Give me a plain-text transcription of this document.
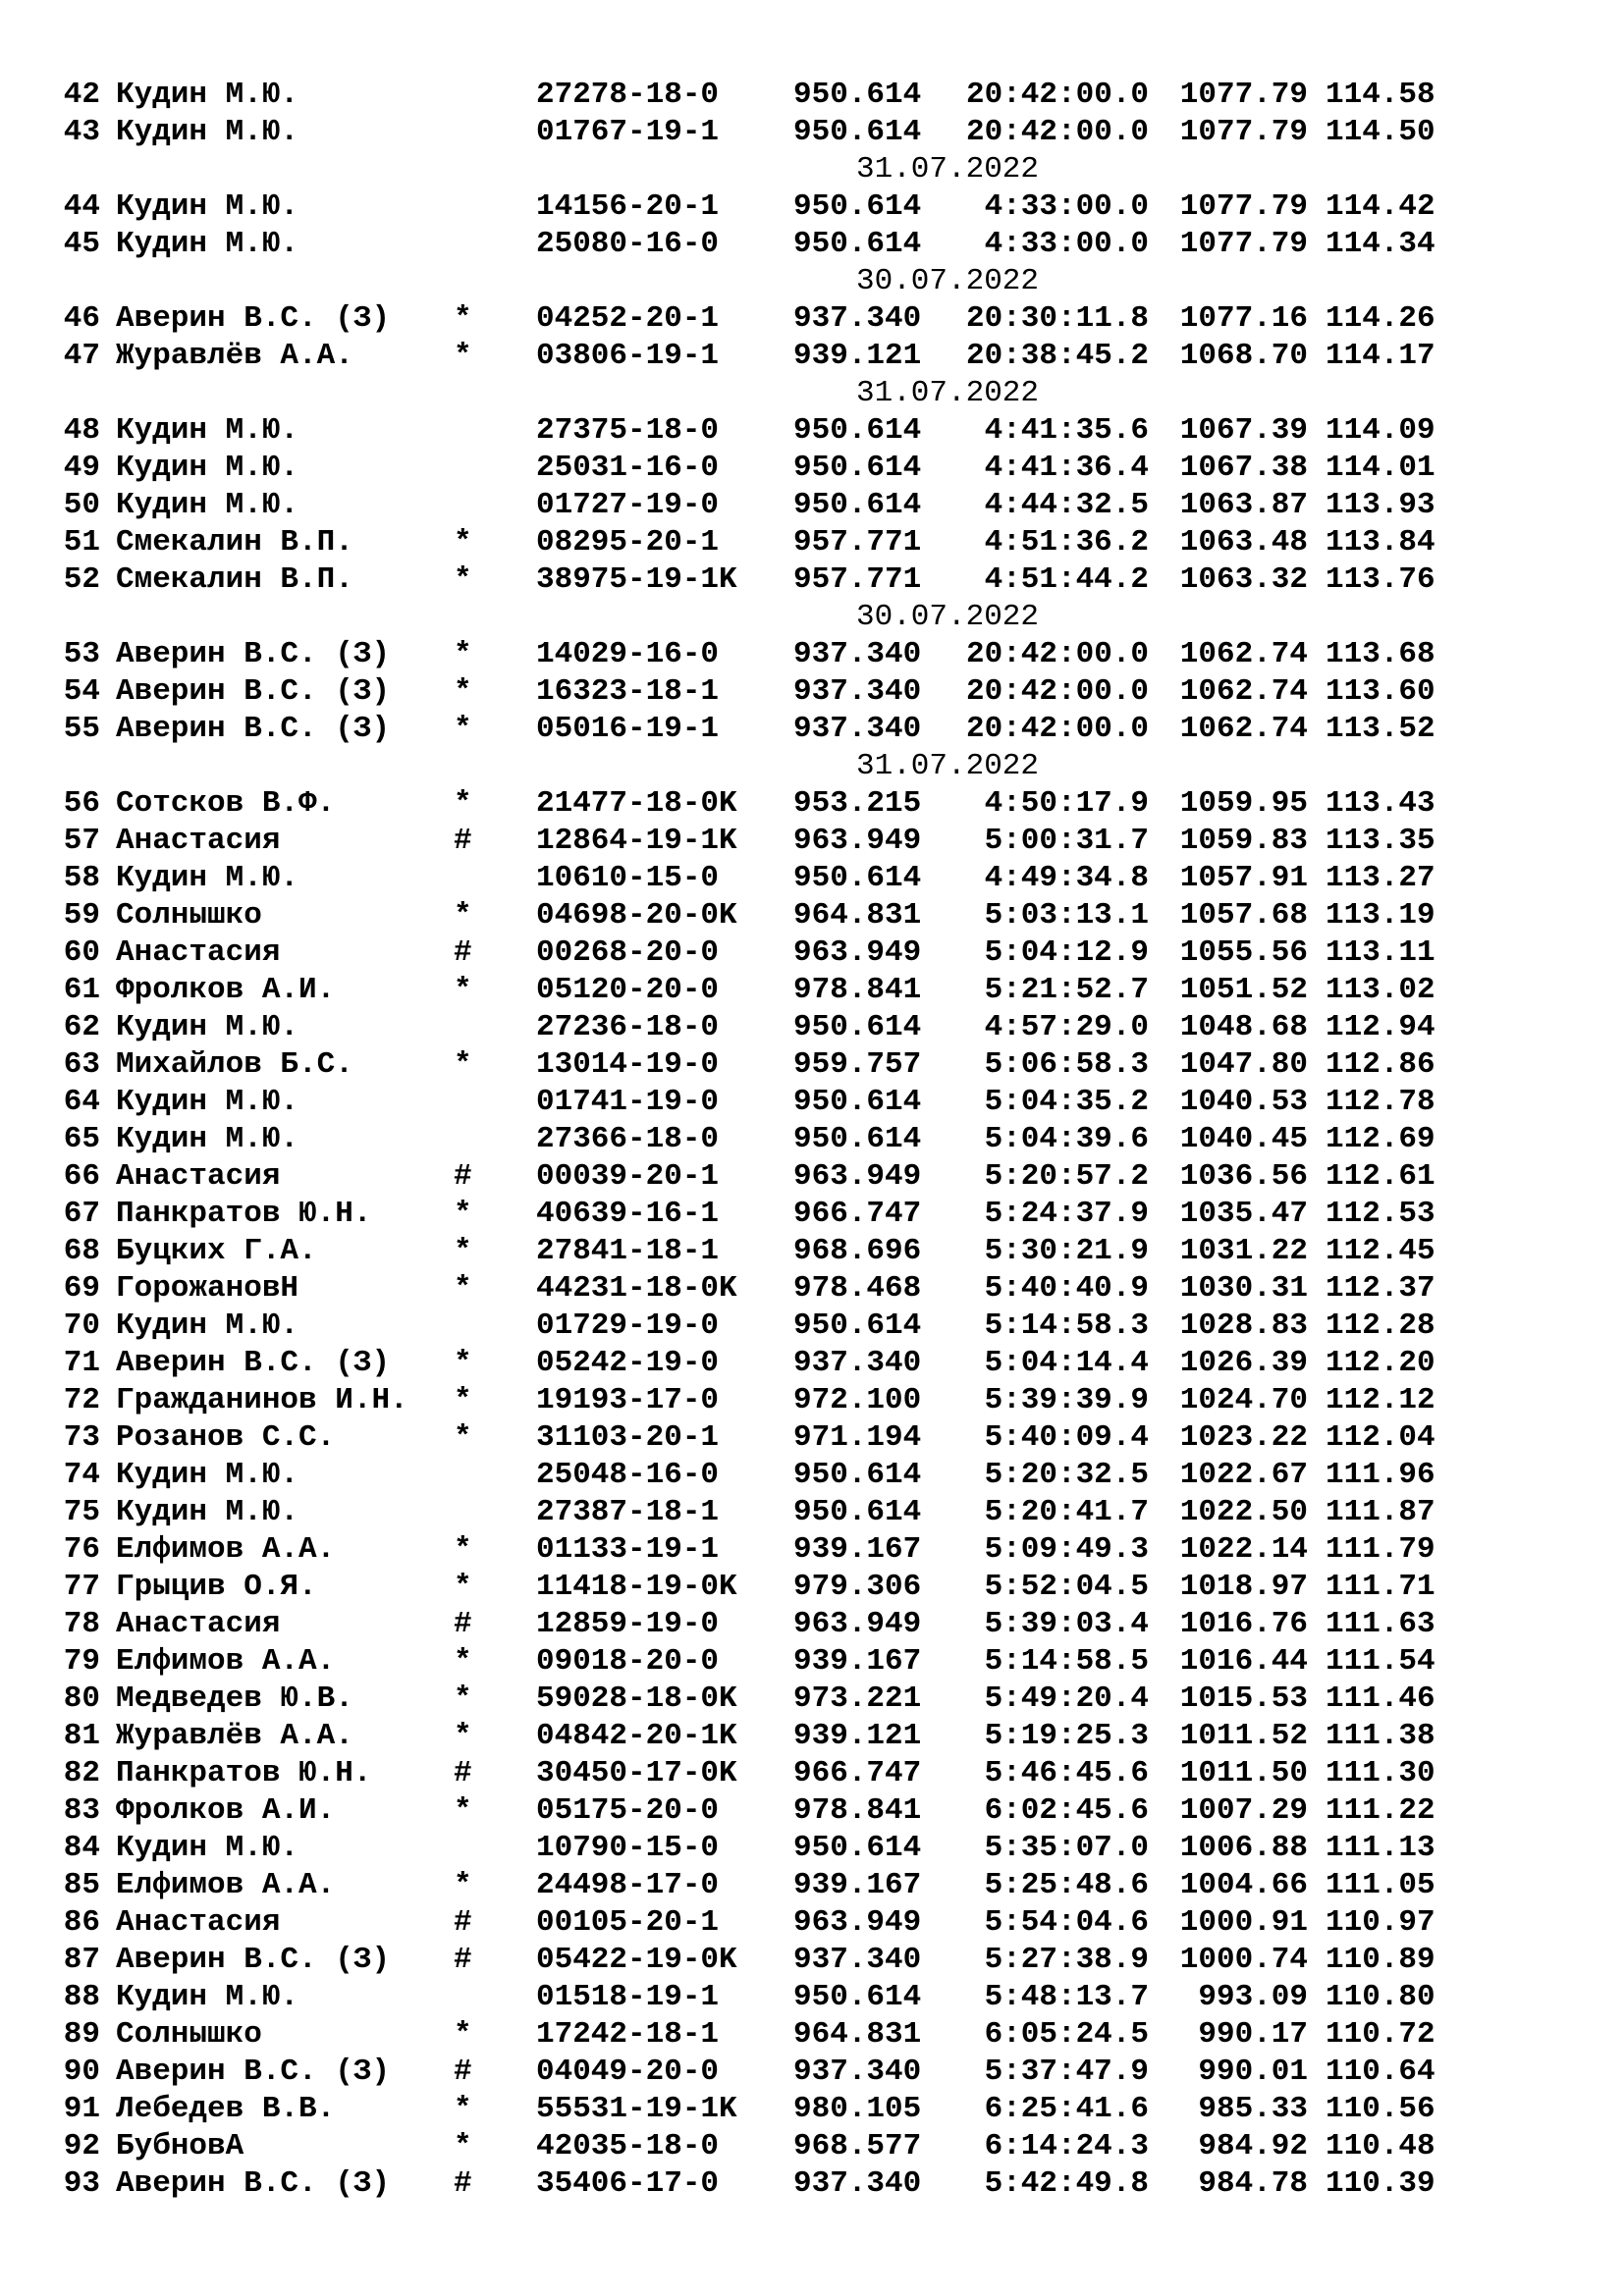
42 Кудин М.Ю.	27278-18-0 950.614	20:42:00.0	1077.79 114.58
43 Кудин М.Ю.	01767-19-1 950.614	20:42:00.0	1077.79 114.50
31.07.2022
44 Кудин М.Ю.	14156-20-1 950.614	4:33:00.0	1077.79 114.42
45 Кудин М.Ю.	25080-16-0 950.614	4:33:00.0	1077.79 114.34
30.07.2022
46 Аверин В.С. (З) * 04252-20-1 937.340	20:30:11.8	1077.16 114.26
47 Журавлёв А.А.	* 03806-19-1 939.121	20:38:45.2	1068.70 114.17
31.07.2022
48 Кудин М.Ю.	27375-18-0 950.614	4:41:35.6	1067.39 114.09
49 Кудин М.Ю.	25031-16-0 950.614	4:41:36.4	1067.38 114.01
50 Кудин М.Ю.	01727-19-0 950.614	4:44:32.5	1063.87 113.93
51 Смекалин В.П.	* 08295-20-1 957.771	4:51:36.2	1063.48 113.84
52 Смекалин В.П.	* 38975-19-1K 957.771	4:51:44.2	1063.32 113.76
30.07.2022
53 Аверин В.С. (З) * 14029-16-0 937.340	20:42:00.0	1062.74 113.68
54 Аверин В.С. (З) * 16323-18-1 937.340	20:42:00.0	1062.74 113.60
55 Аверин В.С. (З) * 05016-19-1 937.340	20:42:00.0	1062.74 113.52
31.07.2022
56 Сотсков В.Ф.	* 21477-18-0K 953.215	4:50:17.9	1059.95 113.43
57 Анастасия	# 12864-19-1K 963.949	5:00:31.7	1059.83 113.35
58 Кудин М.Ю.	10610-15-0 950.614	4:49:34.8	1057.91 113.27
59 Солнышко	* 04698-20-0K 964.831	5:03:13.1	1057.68 113.19
60 Анастасия	# 00268-20-0 963.949	5:04:12.9	1055.56 113.11
61 Фролков А.И.	* 05120-20-0 978.841	5:21:52.7	1051.52 113.02
62 Кудин М.Ю.	27236-18-0 950.614	4:57:29.0	1048.68 112.94
63 Михайлов Б.С.	* 13014-19-0 959.757	5:06:58.3	1047.80 112.86
64 Кудин М.Ю.	01741-19-0 950.614	5:04:35.2	1040.53 112.78
65 Кудин М.Ю.	27366-18-0 950.614	5:04:39.6	1040.45 112.69
66 Анастасия	# 00039-20-1 963.949	5:20:57.2	1036.56 112.61
67 Панкратов Ю.Н.	* 40639-16-1 966.747	5:24:37.9	1035.47 112.53
68 Буцких Г.А.	* 27841-18-1 968.696	5:30:21.9	1031.22 112.45
69 ГорожановН	* 44231-18-0K 978.468	5:40:40.9	1030.31 112.37
70 Кудин М.Ю.	01729-19-0 950.614	5:14:58.3	1028.83 112.28
71 Аверин В.С. (З) * 05242-19-0 937.340	5:04:14.4	1026.39 112.20
72 Гражданинов И.Н. * 19193-17-0 972.100	5:39:39.9	1024.70 112.12
73 Розанов С.С.	* 31103-20-1 971.194	5:40:09.4	1023.22 112.04
74 Кудин М.Ю.	25048-16-0 950.614	5:20:32.5	1022.67 111.96
75 Кудин М.Ю.	27387-18-1 950.614	5:20:41.7	1022.50 111.87
76 Елфимов А.А.	* 01133-19-1 939.167	5:09:49.3	1022.14 111.79
77 Грыцив О.Я.	* 11418-19-0K 979.306	5:52:04.5	1018.97 111.71
78 Анастасия	# 12859-19-0 963.949	5:39:03.4	1016.76 111.63
79 Елфимов А.А.	* 09018-20-0 939.167	5:14:58.5	1016.44 111.54
80 Медведев Ю.В.	* 59028-18-0K 973.221	5:49:20.4	1015.53 111.46
81 Журавлёв А.А.	* 04842-20-1K 939.121	5:19:25.3	1011.52 111.38
82 Панкратов Ю.Н.	# 30450-17-0K 966.747	5:46:45.6	1011.50 111.30
83 Фролков А.И.	* 05175-20-0 978.841	6:02:45.6	1007.29 111.22
84 Кудин М.Ю.	10790-15-0 950.614	5:35:07.0	1006.88 111.13
85 Елфимов А.А.	* 24498-17-0 939.167	5:25:48.6	1004.66 111.05
86 Анастасия	# 00105-20-1 963.949	5:54:04.6	1000.91 110.97
87 Аверин В.С. (З) # 05422-19-0K 937.340	5:27:38.9	1000.74 110.89
88 Кудин М.Ю.	01518-19-1 950.614	5:48:13.7	993.09 110.80
89 Солнышко	* 17242-18-1 964.831	6:05:24.5	990.17 110.72
90 Аверин В.С. (З) # 04049-20-0 937.340	5:37:47.9	990.01 110.64
91 Лебедев В.В.	* 55531-19-1K 980.105	6:25:41.6	985.33 110.56
92 БубновА	* 42035-18-0 968.577	6:14:24.3	984.92 110.48
93 Аверин В.С. (З) # 35406-17-0 937.340	5:42:49.8	984.78 110.39
